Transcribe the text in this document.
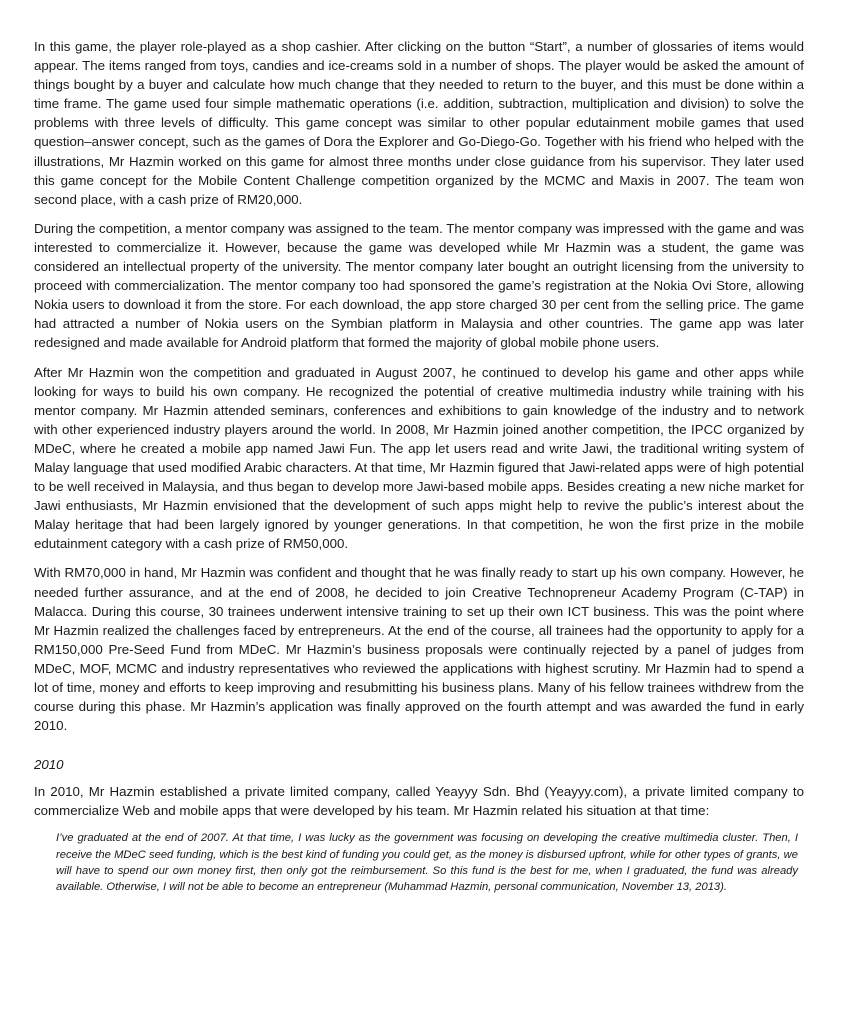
In this game, the player role-played as a shop cashier. After clicking on the button “Start”, a number of glossaries of items would appear. The items ranged from toys, candies and ice-creams sold in a number of shops. The player would be asked the amount of things bought by a buyer and calculate how much change that they needed to return to the buyer, and this must be done within a time frame. The game used four simple mathematic operations (i.e. addition, subtraction, multiplication and division) to solve the problems with three levels of difficulty. This game concept was similar to other popular edutainment mobile games that used question–answer concept, such as the games of Dora the Explorer and Go-Diego-Go. Together with his friend who helped with the illustrations, Mr Hazmin worked on this game for almost three months under close guidance from his supervisor. They later used this game concept for the Mobile Content Challenge competition organized by the MCMC and Maxis in 2007. The team won second place, with a cash prize of RM20,000.

During the competition, a mentor company was assigned to the team. The mentor company was impressed with the game and was interested to commercialize it. However, because the game was developed while Mr Hazmin was a student, the game was considered an intellectual property of the university. The mentor company later bought an outright licensing from the university to proceed with commercialization. The mentor company too had sponsored the game’s registration at the Nokia Ovi Store, allowing Nokia users to download it from the store. For each download, the app store charged 30 per cent from the selling price. The game had attracted a number of Nokia users on the Symbian platform in Malaysia and other countries. The game app was later redesigned and made available for Android platform that formed the majority of global mobile phone users.

After Mr Hazmin won the competition and graduated in August 2007, he continued to develop his game and other apps while looking for ways to build his own company. He recognized the potential of creative multimedia industry while training with his mentor company. Mr Hazmin attended seminars, conferences and exhibitions to gain knowledge of the industry and to network with other experienced industry players around the world. In 2008, Mr Hazmin joined another competition, the IPCC organized by MDeC, where he created a mobile app named Jawi Fun. The app let users read and write Jawi, the traditional writing system of Malay language that used modified Arabic characters. At that time, Mr Hazmin figured that Jawi-related apps were of high potential to be well received in Malaysia, and thus began to develop more Jawi-based mobile apps. Besides creating a new niche market for Jawi enthusiasts, Mr Hazmin envisioned that the development of such apps might help to revive the public’s interest about the Malay heritage that had been largely ignored by younger generations. In that competition, he won the first prize in the mobile edutainment category with a cash prize of RM50,000.

With RM70,000 in hand, Mr Hazmin was confident and thought that he was finally ready to start up his own company. However, he needed further assurance, and at the end of 2008, he decided to join Creative Technopreneur Academy Program (C-TAP) in Malacca. During this course, 30 trainees underwent intensive training to set up their own ICT business. This was the point where Mr Hazmin realized the challenges faced by entrepreneurs. At the end of the course, all trainees had the opportunity to apply for a RM150,000 Pre-Seed Fund from MDeC. Mr Hazmin’s business proposals were continually rejected by a panel of judges from MDeC, MOF, MCMC and industry representatives who reviewed the applications with highest scrutiny. Mr Hazmin had to spend a lot of time, money and efforts to keep improving and resubmitting his business plans. Many of his fellow trainees withdrew from the course during this phase. Mr Hazmin’s application was finally approved on the fourth attempt and was awarded the fund in early 2010.

2010

In 2010, Mr Hazmin established a private limited company, called Yeayyy Sdn. Bhd (Yeayyy.com), a private limited company to commercialize Web and mobile apps that were developed by his team. Mr Hazmin related his situation at that time:

I’ve graduated at the end of 2007. At that time, I was lucky as the government was focusing on developing the creative multimedia cluster. Then, I receive the MDeC seed funding, which is the best kind of funding you could get, as the money is disbursed upfront, while for other types of grants, we will have to spend our own money first, then only got the reimbursement. So this fund is the best for me, when I graduated, the fund was already available. Otherwise, I will not be able to become an entrepreneur (Muhammad Hazmin, personal communication, November 13, 2013).
